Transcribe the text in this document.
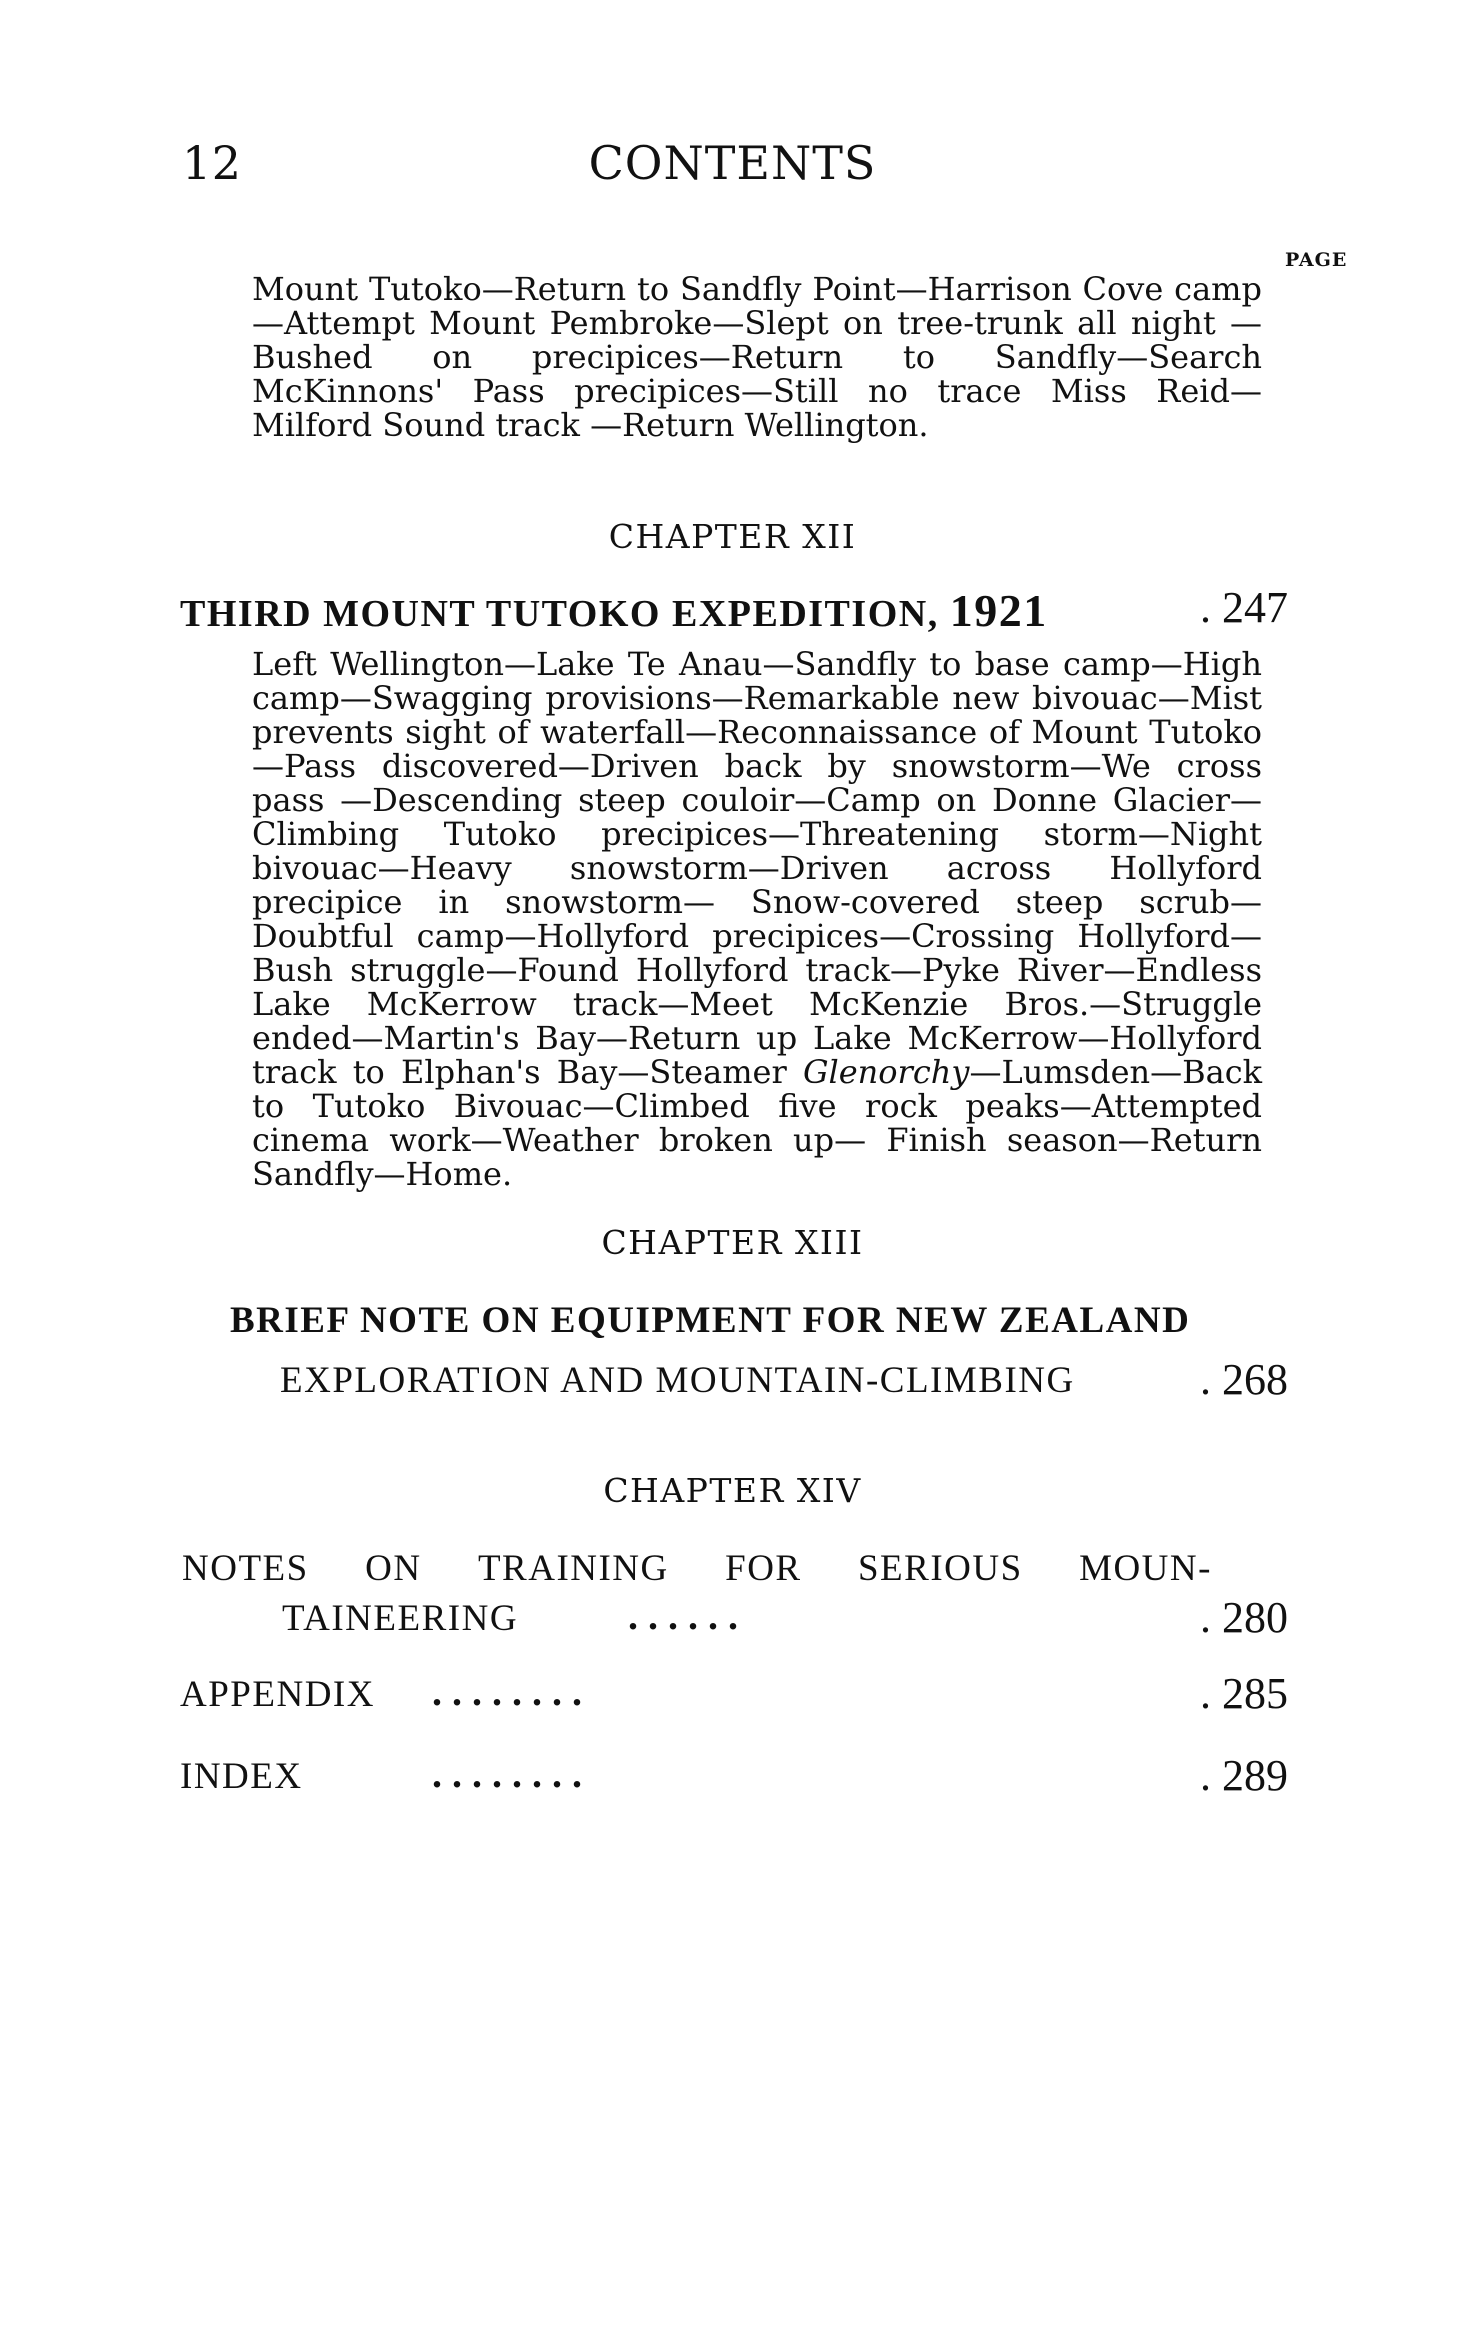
12	CONTENTS
PAGE
Mount Tutoko—Return to Sandfly Point—Harrison Cove camp—Attempt Mount Pembroke—Slept on tree-trunk all night —Bushed on precipices—Return to Sandfly—Search McKinnons' Pass precipices—Still no trace Miss Reid—Milford Sound track —Return Wellington.
CHAPTER XII
THIRD MOUNT TUTOKO EXPEDITION, 1921	. 247
Left Wellington—Lake Te Anau—Sandfly to base camp—High camp—Swagging provisions—Remarkable new bivouac—Mist prevents sight of waterfall—Reconnaissance of Mount Tutoko —Pass discovered—Driven back by snowstorm—We cross pass —Descending steep couloir—Camp on Donne Glacier—Climbing Tutoko precipices—Threatening storm—Night bivouac—Heavy snowstorm—Driven across Hollyford precipice in snowstorm— Snow-covered steep scrub—Doubtful camp—Hollyford precipices—Crossing Hollyford—Bush struggle—Found Hollyford track—Pyke River—Endless Lake McKerrow track—Meet McKenzie Bros.—Struggle ended—Martin's Bay—Return up Lake McKerrow—Hollyford track to Elphan's Bay—Steamer Glenorchy—Lumsden—Back to Tutoko Bivouac—Climbed five rock peaks—Attempted cinema work—Weather broken up— Finish season—Return Sandfly—Home.
CHAPTER XIII
BRIEF NOTE ON EQUIPMENT FOR NEW ZEALAND
EXPLORATION AND MOUNTAIN-CLIMBING	. 268
CHAPTER XIV
NOTES ON TRAINING FOR SERIOUS MOUN-
TAINEERING	. . . . . .	. 280
APPENDIX . . . . . . . .	. 285
INDEX	. . . . . . . .	. 289
